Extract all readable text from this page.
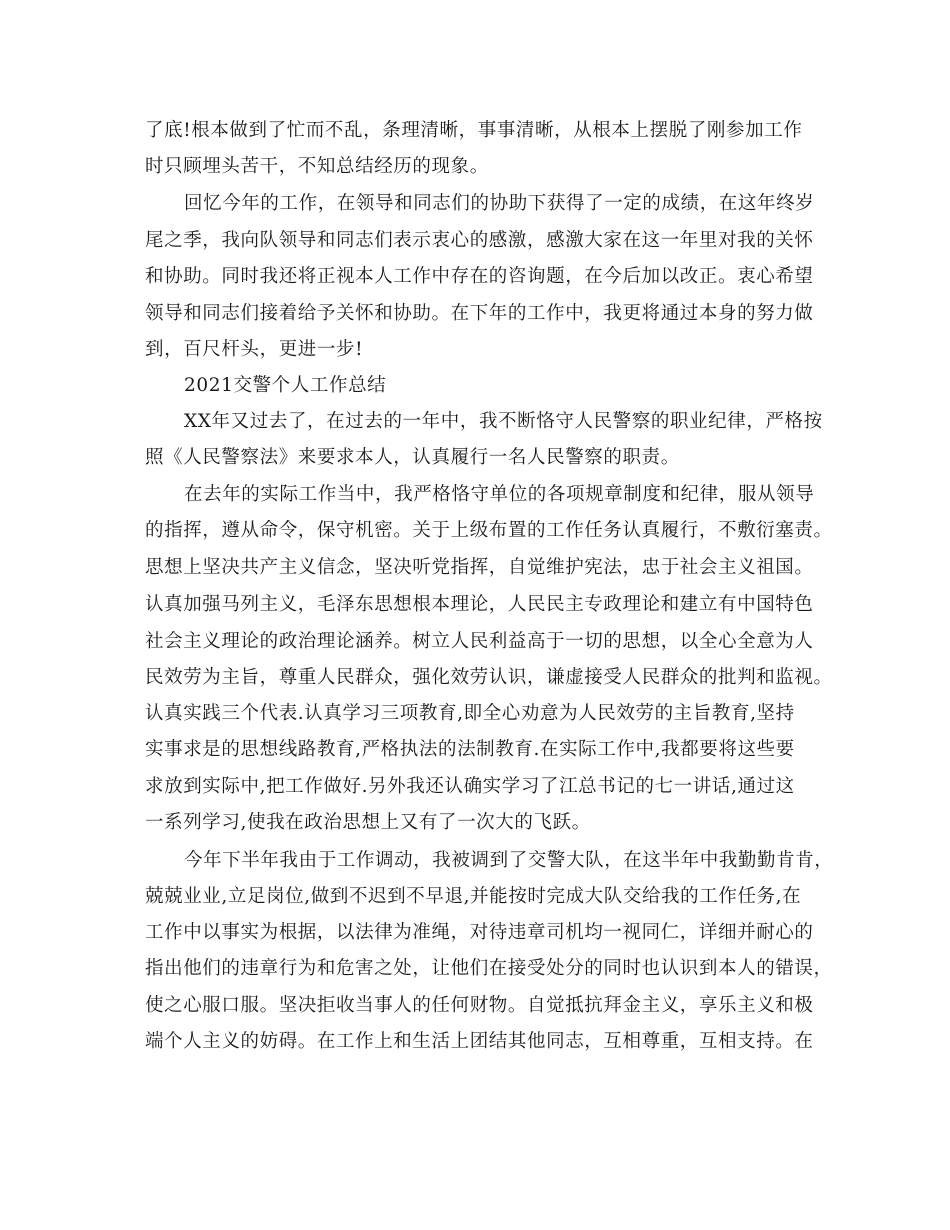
了底!根本做到了忙而不乱，条理清晰，事事清晰，从根本上摆脱了刚参加工作
时只顾埋头苦干，不知总结经历的现象。
回忆今年的工作，在领导和同志们的协助下获得了一定的成绩，在这年终岁
尾之季，我向队领导和同志们表示衷心的感激，感激大家在这一年里对我的关怀
和协助。同时我还将正视本人工作中存在的咨询题，在今后加以改正。衷心希望
领导和同志们接着给予关怀和协助。在下年的工作中，我更将通过本身的努力做
到，百尺杆头，更进一步!
2021交警个人工作总结
XX年又过去了，在过去的一年中，我不断恪守人民警察的职业纪律，严格按
照《人民警察法》来要求本人，认真履行一名人民警察的职责。
在去年的实际工作当中，我严格恪守单位的各项规章制度和纪律，服从领导
的指挥，遵从命令，保守机密。关于上级布置的工作任务认真履行，不敷衍塞责。
思想上坚决共产主义信念，坚决听党指挥，自觉维护宪法，忠于社会主义祖国。
认真加强马列主义，毛泽东思想根本理论，人民民主专政理论和建立有中国特色
社会主义理论的政治理论涵养。树立人民利益高于一切的思想，以全心全意为人
民效劳为主旨，尊重人民群众，强化效劳认识，谦虚接受人民群众的批判和监视。
认真实践三个代表.认真学习三项教育,即全心劝意为人民效劳的主旨教育,坚持
实事求是的思想线路教育,严格执法的法制教育.在实际工作中,我都要将这些要
求放到实际中,把工作做好.另外我还认确实学习了江总书记的七一讲话,通过这
一系列学习,使我在政治思想上又有了一次大的飞跃。
今年下半年我由于工作调动，我被调到了交警大队，在这半年中我勤勤肯肯，
兢兢业业,立足岗位,做到不迟到不早退,并能按时完成大队交给我的工作任务,在
工作中以事实为根据，以法律为准绳，对待违章司机均一视同仁，详细并耐心的
指出他们的违章行为和危害之处，让他们在接受处分的同时也认识到本人的错误，
使之心服口服。坚决拒收当事人的任何财物。自觉抵抗拜金主义，享乐主义和极
端个人主义的妨碍。在工作上和生活上团结其他同志，互相尊重，互相支持。在
